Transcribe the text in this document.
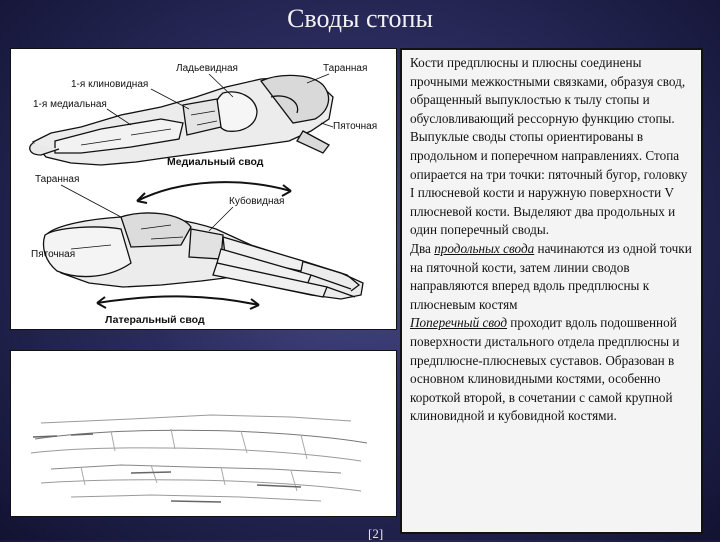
Своды стопы
Ладьевидная
1-я клиновидная
1-я медиальная
Таранная
Пяточная
Медиальный свод
Таранная
Кубовидная
Пяточная
Латеральный свод
[2]

Кости предплюсны и плюсны соединены прочными межкостными связками, образуя свод, обращенный выпуклостью к тылу стопы и обусловливающий рессорную функцию стопы. Выпуклые своды стопы ориентированы в продольном и поперечном направлениях. Стопа опирается на три точки: пяточный бугор, головку I плюсневой кости и наружную поверхности V плюсневой кости. Выделяют два продольных и один поперечный своды.

Два продольных свода начинаются из одной точки на пяточной кости, затем линии сводов направляются вперед вдоль предплюсны к плюсневым костям

Поперечный свод проходит вдоль подошвенной поверхности дистального отдела предплюсны и предплюсне-плюсневых суставов. Образован в основном клиновидными костями, особенно короткой второй, в сочетании с самой крупной клиновидной и кубовидной костями.
